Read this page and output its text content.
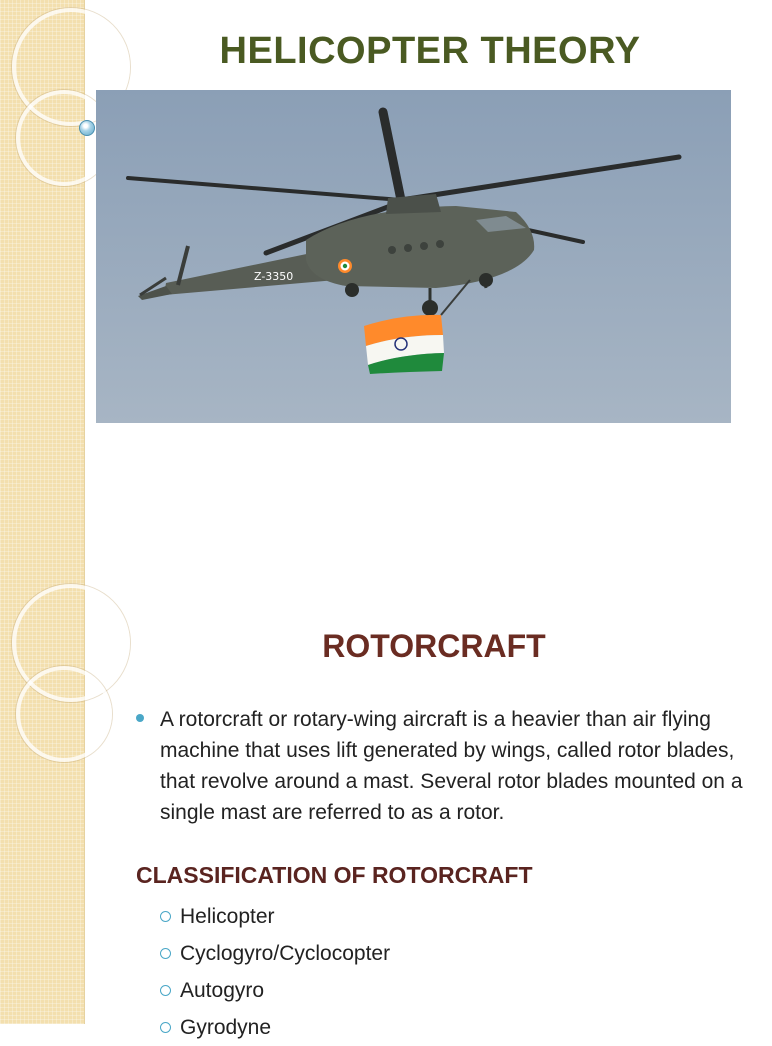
HELICOPTER THEORY
Z-3350
ROTORCRAFT
A rotorcraft or rotary-wing aircraft is a heavier than air flying machine that uses lift generated by wings, called rotor blades, that revolve around a mast. Several rotor blades mounted on a single mast are referred to as a rotor.
CLASSIFICATION OF ROTORCRAFT
Helicopter
Cyclogyro/Cyclocopter
Autogyro
Gyrodyne
